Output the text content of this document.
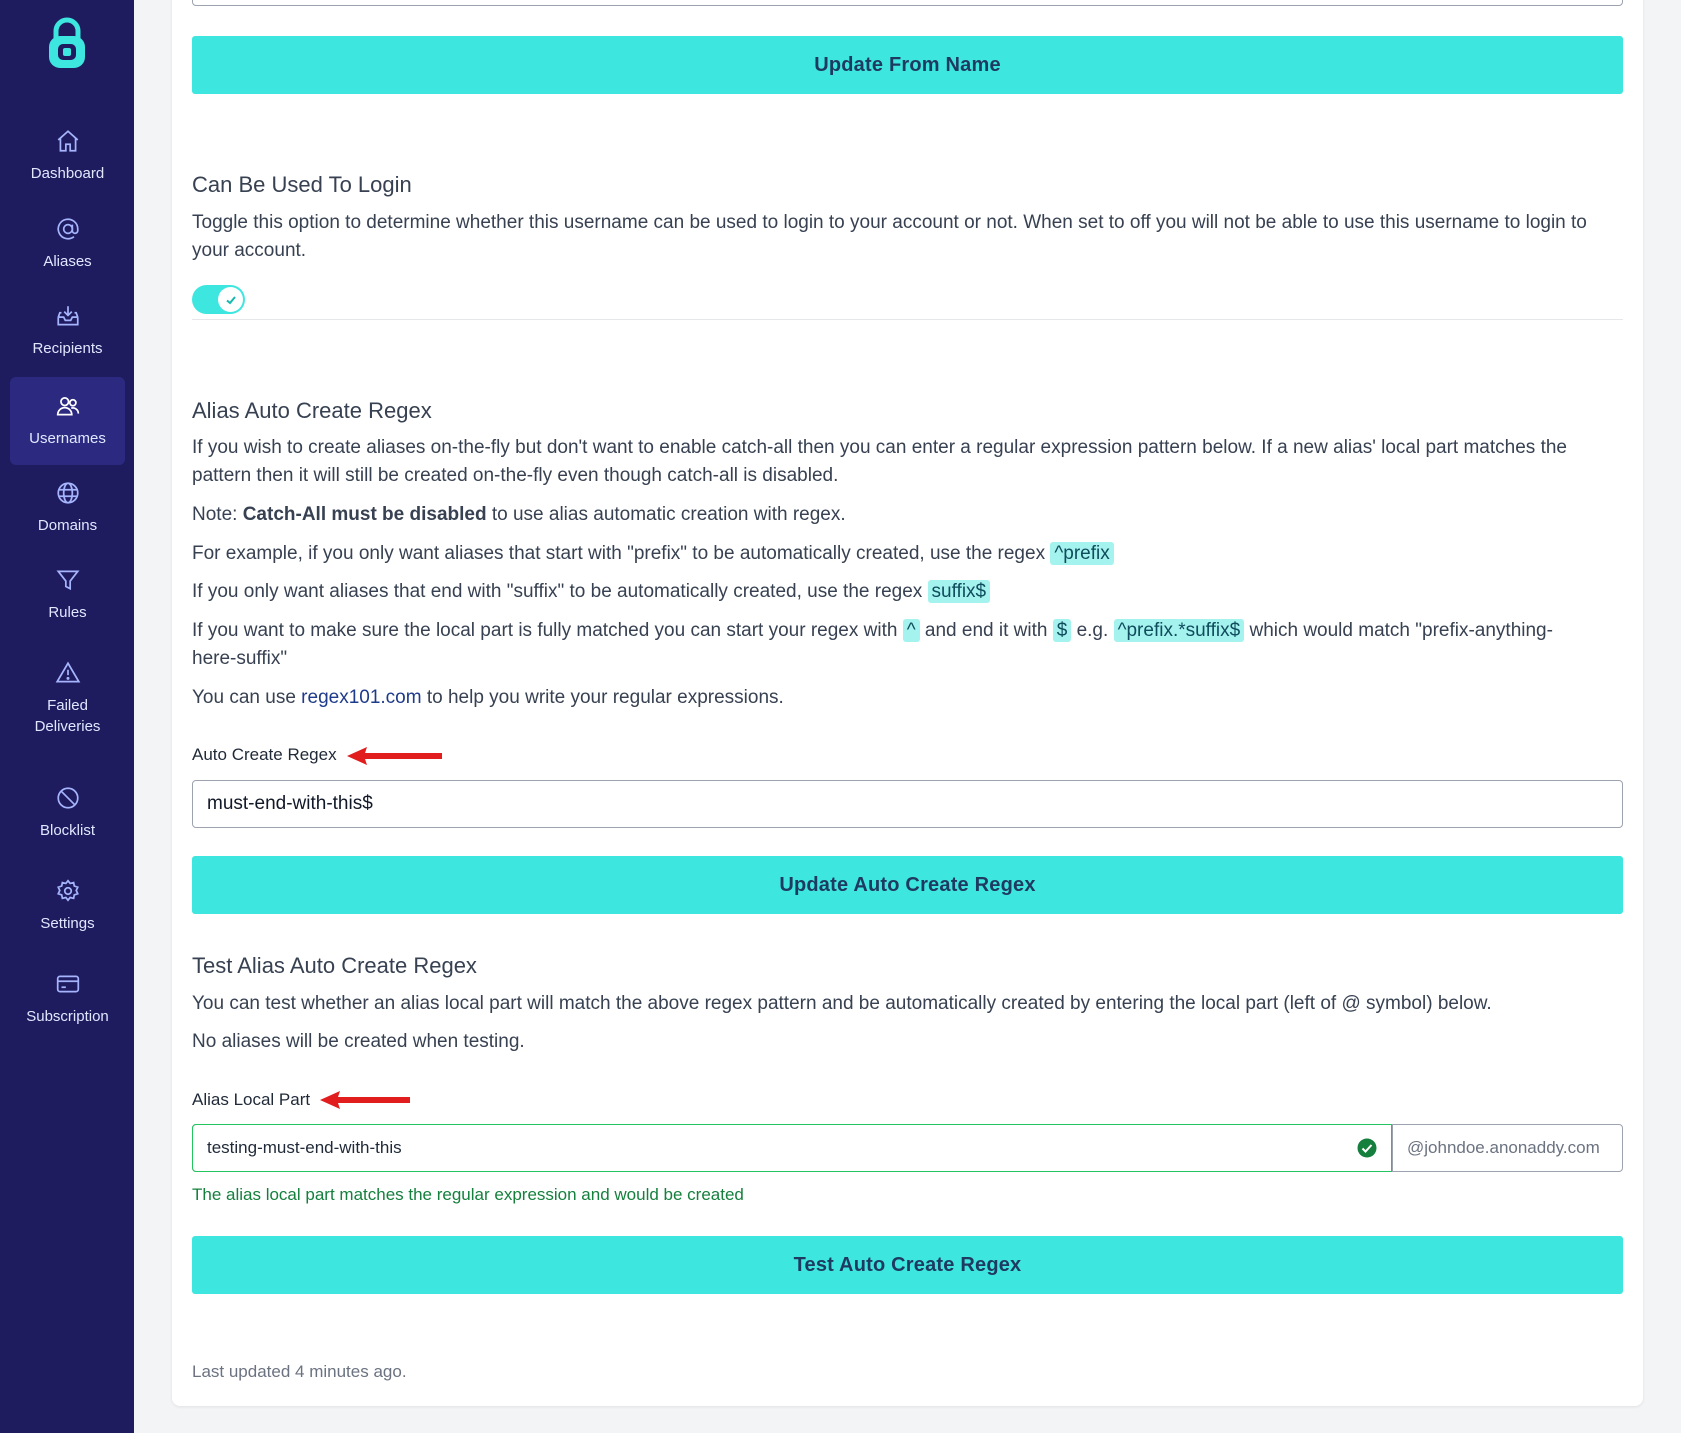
Dashboard
Aliases
Recipients
Usernames
Domains
Rules
Failed Deliveries
Blocklist
Settings
Subscription
Update From Name
Can Be Used To Login
Toggle this option to determine whether this username can be used to login to your account or not. When set to off you will not be able to use this username to login to your account.
Alias Auto Create Regex
If you wish to create aliases on-the-fly but don't want to enable catch-all then you can enter a regular expression pattern below. If a new alias' local part matches the pattern then it will still be created on-the-fly even though catch-all is disabled.
Note: Catch-All must be disabled to use alias automatic creation with regex.
For example, if you only want aliases that start with "prefix" to be automatically created, use the regex ^prefix
If you only want aliases that end with "suffix" to be automatically created, use the regex suffix$
If you want to make sure the local part is fully matched you can start your regex with ^ and end it with $ e.g. ^prefix.*suffix$ which would match "prefix-anything-here-suffix"
You can use regex101.com to help you write your regular expressions.
Auto Create Regex
must-end-with-this$
Update Auto Create Regex
Test Alias Auto Create Regex
You can test whether an alias local part will match the above regex pattern and be automatically created by entering the local part (left of @ symbol) below.
No aliases will be created when testing.
Alias Local Part
testing-must-end-with-this	@johndoe.anonaddy.com
The alias local part matches the regular expression and would be created
Test Auto Create Regex
Last updated 4 minutes ago.
